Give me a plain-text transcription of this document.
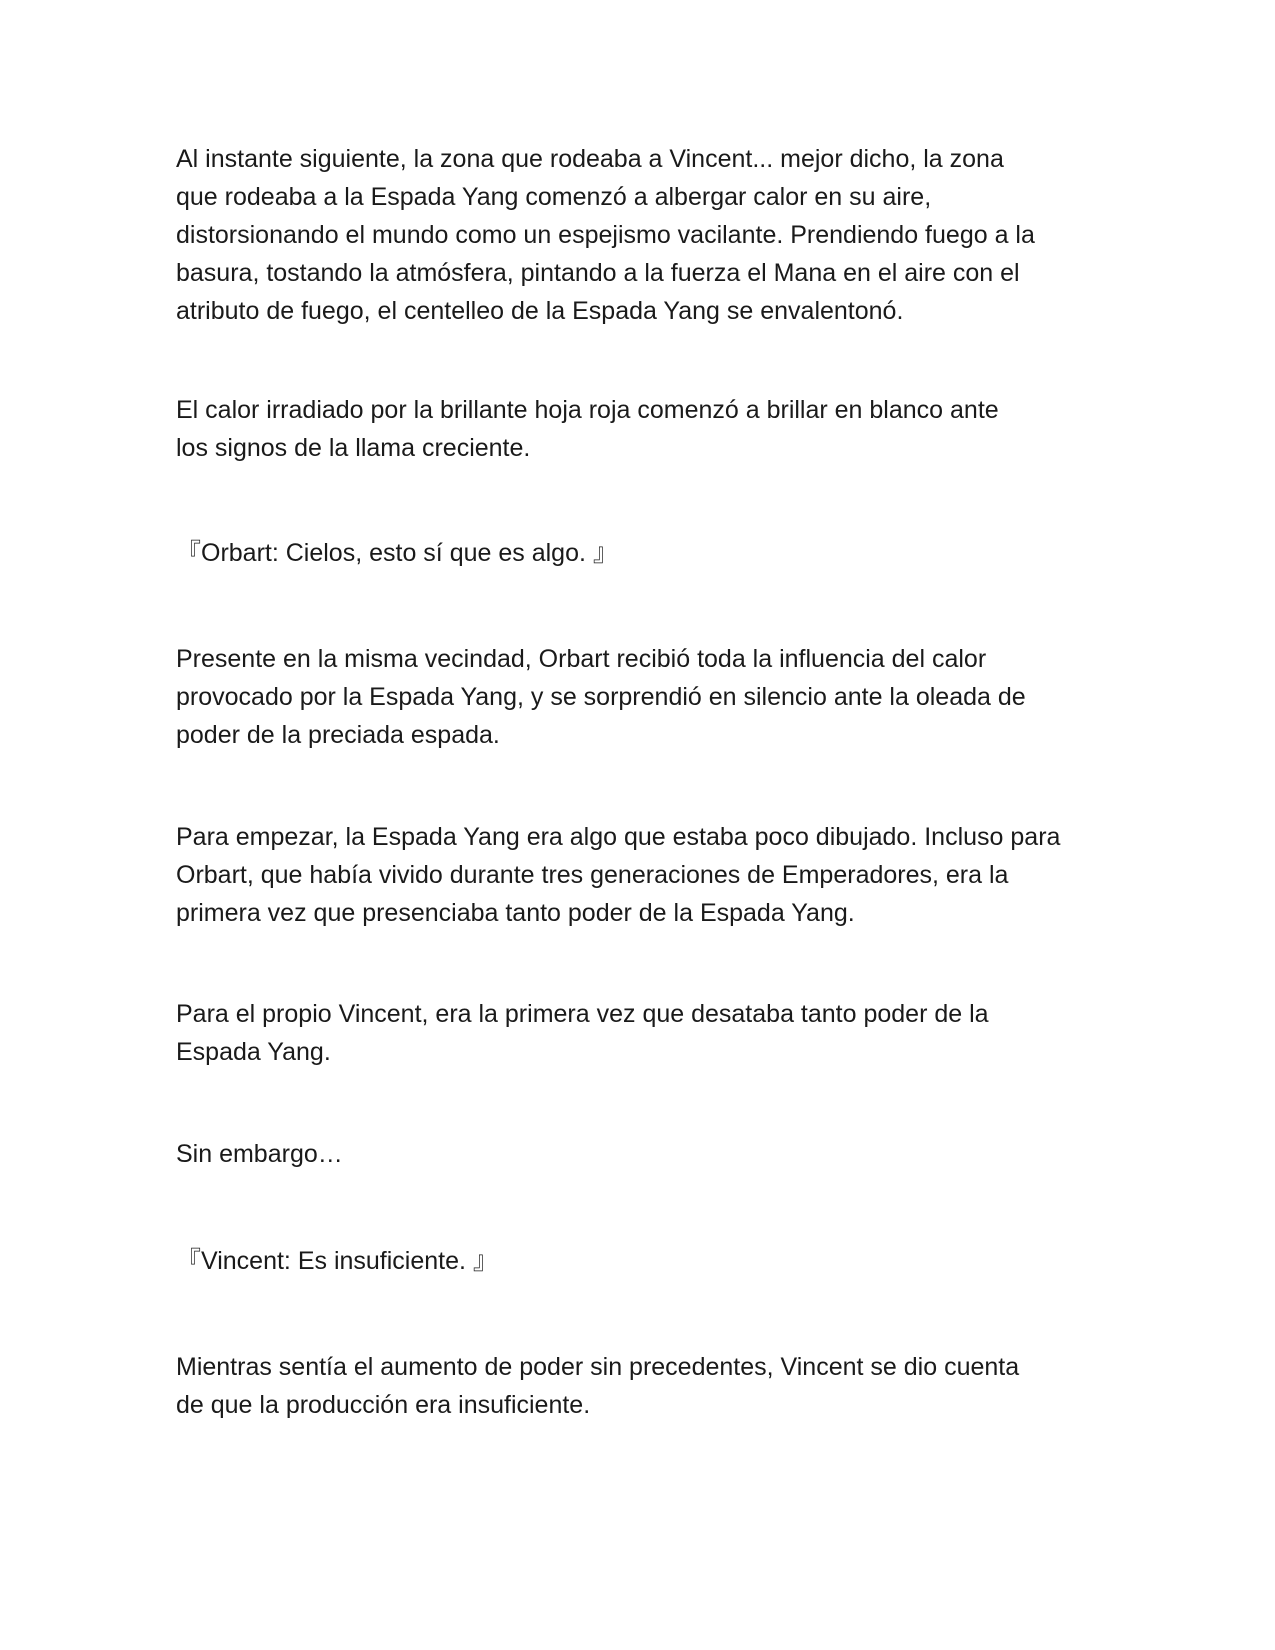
Al instante siguiente, la zona que rodeaba a Vincent... mejor dicho, la zona
que rodeaba a la Espada Yang comenzó a albergar calor en su aire,
distorsionando el mundo como un espejismo vacilante. Prendiendo fuego a la
basura, tostando la atmósfera, pintando a la fuerza el Mana en el aire con el
atributo de fuego, el centelleo de la Espada Yang se envalentonó.

El calor irradiado por la brillante hoja roja comenzó a brillar en blanco ante
los signos de la llama creciente.

『Orbart: Cielos, esto sí que es algo. 』

Presente en la misma vecindad, Orbart recibió toda la influencia del calor
provocado por la Espada Yang, y se sorprendió en silencio ante la oleada de
poder de la preciada espada.

Para empezar, la Espada Yang era algo que estaba poco dibujado. Incluso para
Orbart, que había vivido durante tres generaciones de Emperadores, era la
primera vez que presenciaba tanto poder de la Espada Yang.

Para el propio Vincent, era la primera vez que desataba tanto poder de la
Espada Yang.

Sin embargo…

『Vincent: Es insuficiente. 』

Mientras sentía el aumento de poder sin precedentes, Vincent se dio cuenta
de que la producción era insuficiente.
